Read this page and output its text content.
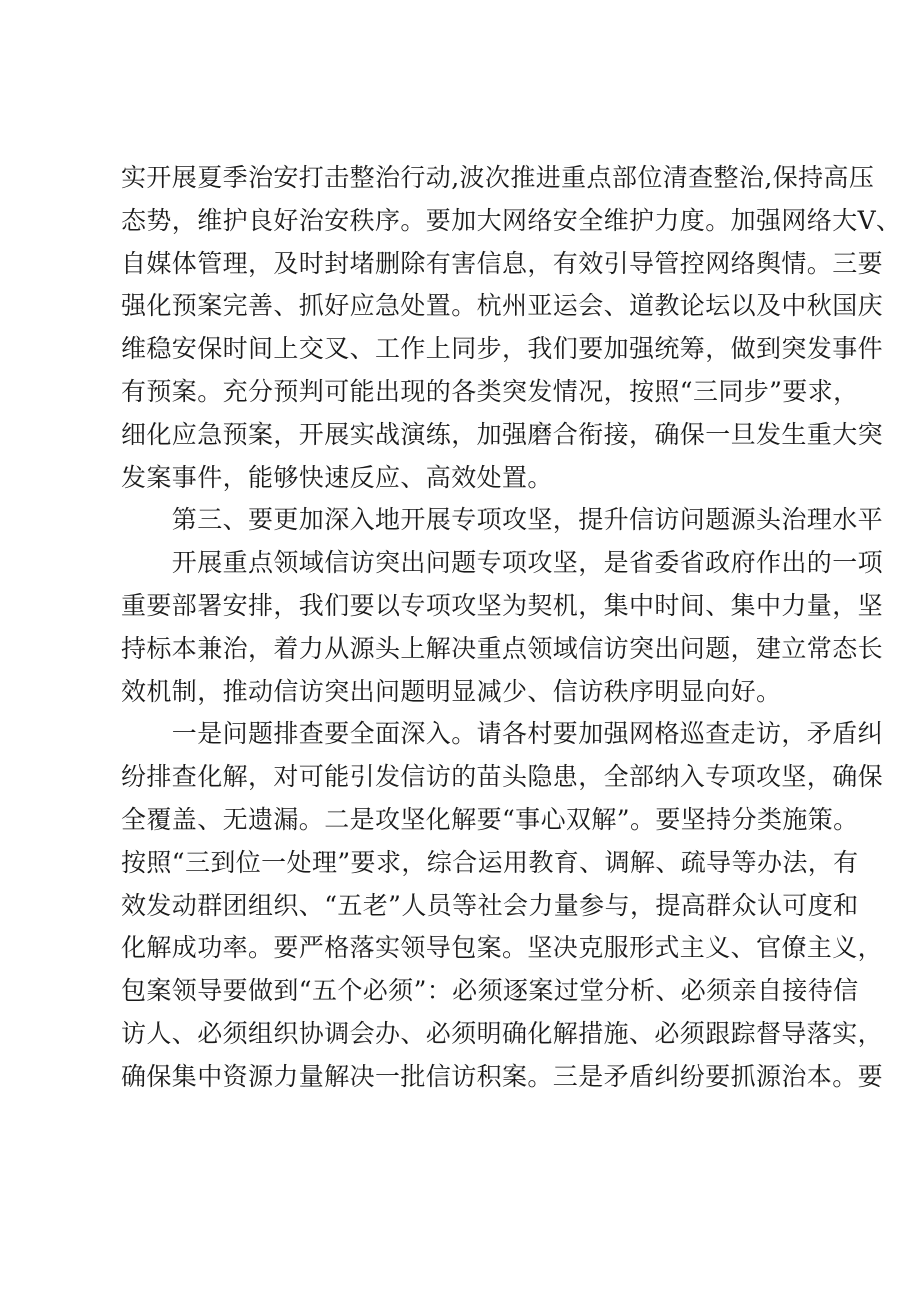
实开展夏季治安打击整治行动,波次推进重点部位清查整治,保持高压
态势，维护良好治安秩序。要加大网络安全维护力度。加强网络大V、
自媒体管理，及时封堵删除有害信息，有效引导管控网络舆情。三要
强化预案完善、抓好应急处置。杭州亚运会、道教论坛以及中秋国庆
维稳安保时间上交叉、工作上同步，我们要加强统筹，做到突发事件
有预案。充分预判可能出现的各类突发情况，按照“三同步”要求，
细化应急预案，开展实战演练，加强磨合衔接，确保一旦发生重大突
发案事件，能够快速反应、高效处置。
　　第三、要更加深入地开展专项攻坚，提升信访问题源头治理水平
　　开展重点领域信访突出问题专项攻坚，是省委省政府作出的一项
重要部署安排，我们要以专项攻坚为契机，集中时间、集中力量，坚
持标本兼治，着力从源头上解决重点领域信访突出问题，建立常态长
效机制，推动信访突出问题明显减少、信访秩序明显向好。
　　一是问题排查要全面深入。请各村要加强网格巡查走访，矛盾纠
纷排查化解，对可能引发信访的苗头隐患，全部纳入专项攻坚，确保
全覆盖、无遗漏。二是攻坚化解要“事心双解”。要坚持分类施策。
按照“三到位一处理”要求，综合运用教育、调解、疏导等办法，有
效发动群团组织、“五老”人员等社会力量参与，提高群众认可度和
化解成功率。要严格落实领导包案。坚决克服形式主义、官僚主义，
包案领导要做到“五个必须”：必须逐案过堂分析、必须亲自接待信
访人、必须组织协调会办、必须明确化解措施、必须跟踪督导落实，
确保集中资源力量解决一批信访积案。三是矛盾纠纷要抓源治本。要
